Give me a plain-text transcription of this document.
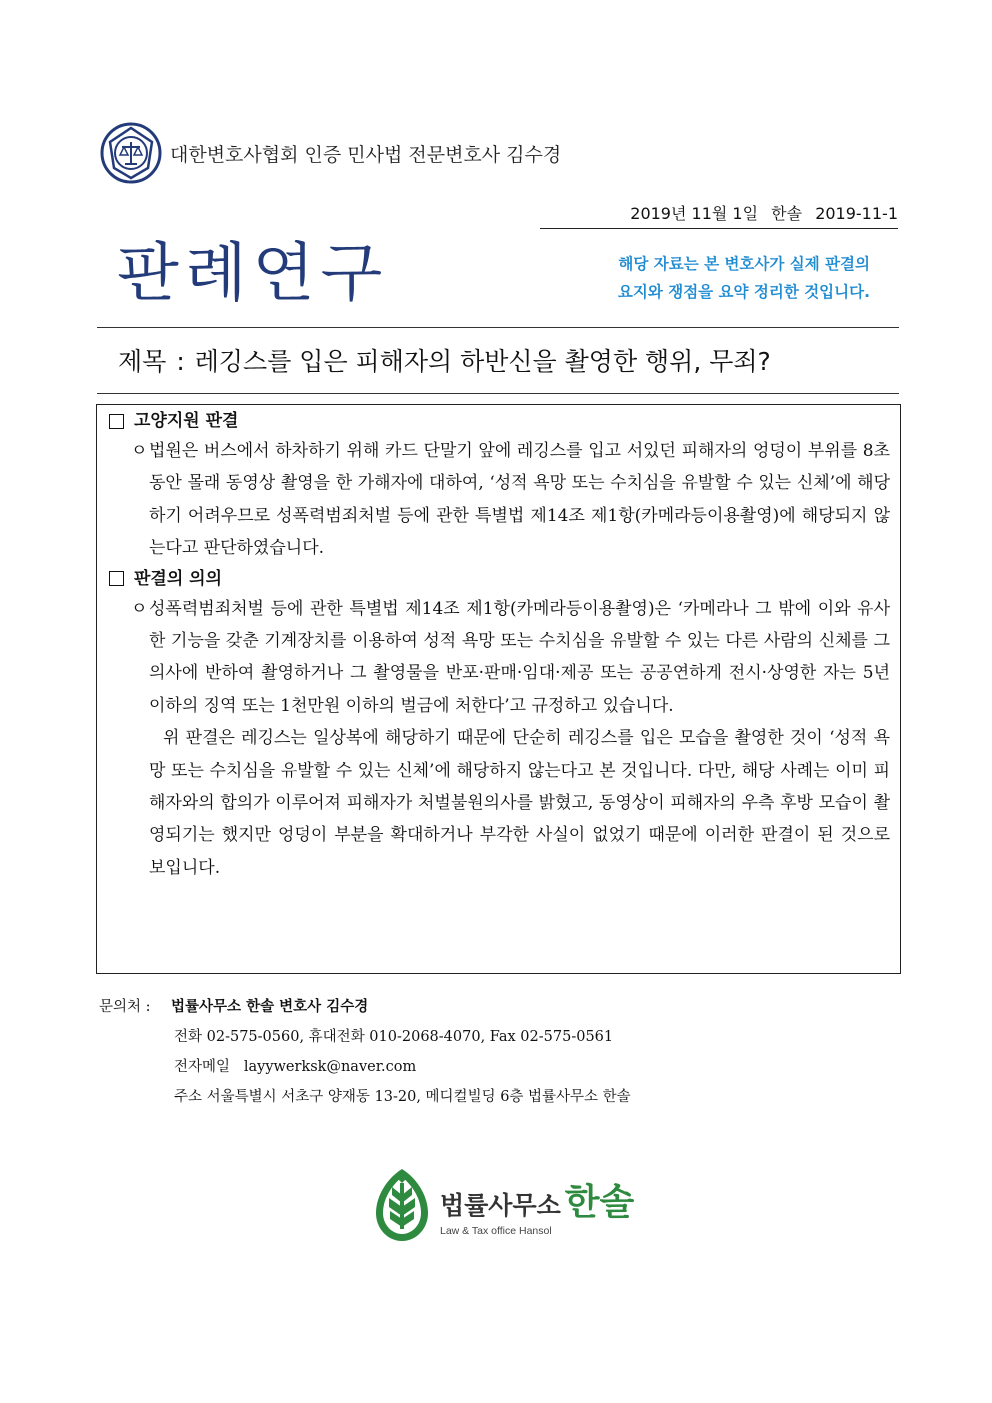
대한변호사협회 인증 민사법 전문변호사 김수경
2019년 11월 1일 한솔 2019-11-1
판례연구	해당 자료는 본 변호사가 실제 판결의
요지와 쟁점을 요약 정리한 것입니다.
제목 : 레깅스를 입은 피해자의 하반신을 촬영한 행위, 무죄?
고양지원 판결

ㅇ 법원은 버스에서 하차하기 위해 카드 단말기 앞에 레깅스를 입고 서있던 피해자의 엉덩이 부위를 8초 동안 몰래 동영상 촬영을 한 가해자에 대하여, ‘성적 욕망 또는 수치심을 유발할 수 있는 신체’에 해당하기 어려우므로 성폭력범죄처벌 등에 관한 특별법 제14조 제1항(카메라등이용촬영)에 해당되지 않는다고 판단하였습니다.

판결의 의의

ㅇ 성폭력범죄처벌 등에 관한 특별법 제14조 제1항(카메라등이용촬영)은 ‘카메라나 그 밖에 이와 유사한 기능을 갖춘 기계장치를 이용하여 성적 욕망 또는 수치심을 유발할 수 있는 다른 사람의 신체를 그 의사에 반하여 촬영하거나 그 촬영물을 반포·판매·임대·제공 또는 공공연하게 전시·상영한 자는 5년 이하의 징역 또는 1천만원 이하의 벌금에 처한다’고 규정하고 있습니다.

위 판결은 레깅스는 일상복에 해당하기 때문에 단순히 레깅스를 입은 모습을 촬영한 것이 ‘성적 욕망 또는 수치심을 유발할 수 있는 신체’에 해당하지 않는다고 본 것입니다. 다만, 해당 사례는 이미 피해자와의 합의가 이루어져 피해자가 처벌불원의사를 밝혔고, 동영상이 피해자의 우측 후방 모습이 촬영되기는 했지만 엉덩이 부분을 확대하거나 부각한 사실이 없었기 때문에 이러한 판결이 된 것으로 보입니다.

문의처 : 법률사무소 한솔 변호사 김수경
전화 02-575-0560, 휴대전화 010-2068-4070, Fax 02-575-0561
전자메일 layywerksk@naver.com
주소 서울특별시 서초구 양재동 13-20, 메디컬빌딩 6층 법률사무소 한솔
법률사무소 한솔
Law & Tax office Hansol
